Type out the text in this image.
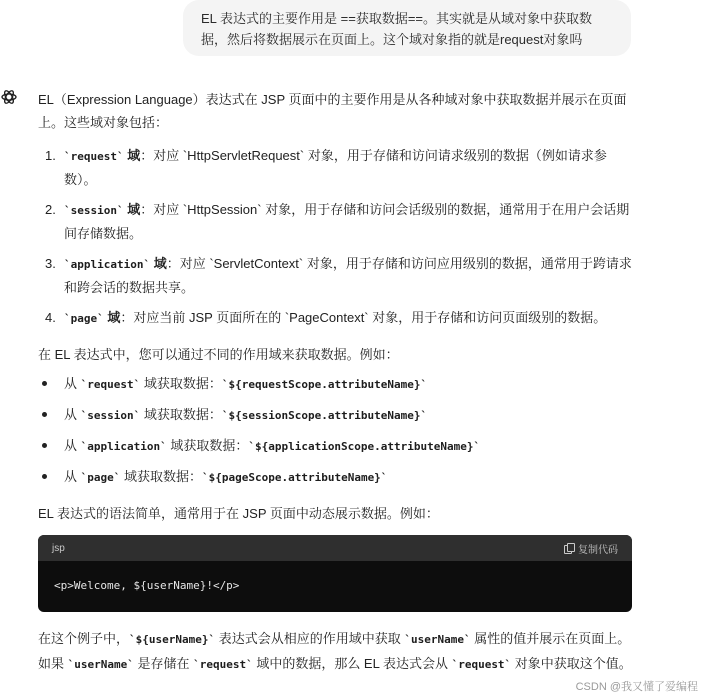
EL 表达式的主要作用是 ==获取数据==。其实就是从域对象中获取数据，然后将数据展示在页面上。这个域对象指的就是request对象吗

EL（Expression Language）表达式在 JSP 页面中的主要作用是从各种域对象中获取数据并展示在页面上。这些域对象包括：

1. `request` 域：对应 `HttpServletRequest` 对象，用于存储和访问请求级别的数据（例如请求参数）。
2. `session` 域：对应 `HttpSession` 对象，用于存储和访问会话级别的数据，通常用于在用户会话期间存储数据。
3. `application` 域：对应 `ServletContext` 对象，用于存储和访问应用级别的数据，通常用于跨请求和跨会话的数据共享。
4. `page` 域：对应当前 JSP 页面所在的 `PageContext` 对象，用于存储和访问页面级别的数据。

在 EL 表达式中，您可以通过不同的作用域来获取数据。例如：

从 `request` 域获取数据：`${requestScope.attributeName}`
从 `session` 域获取数据：`${sessionScope.attributeName}`
从 `application` 域获取数据：`${applicationScope.attributeName}`
从 `page` 域获取数据：`${pageScope.attributeName}`

EL 表达式的语法简单，通常用于在 JSP 页面中动态展示数据。例如：

jsp	复制代码
<p>Welcome, ${userName}!</p>

在这个例子中，`${userName}` 表达式会从相应的作用域中获取 `userName` 属性的值并展示在页面上。如果 `userName` 是存储在 `request` 域中的数据，那么 EL 表达式会从 `request` 对象中获取这个值。

CSDN @我又懂了爱编程
